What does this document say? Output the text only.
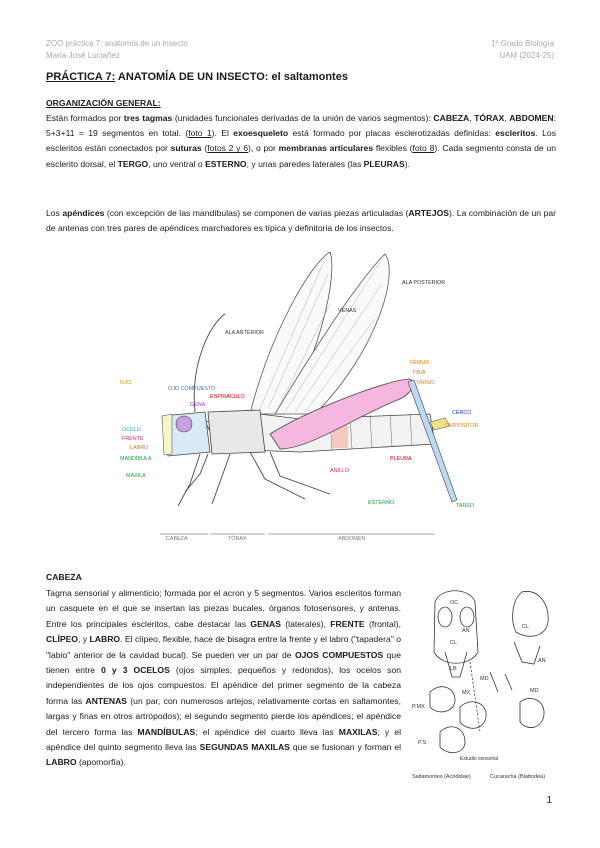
ZOO práctica 7: anatomía de un insecto
María José Luciañez
1º Grado Biología
UAM (2024-25)
PRÁCTICA 7: ANATOMÍA DE UN INSECTO: el saltamontes
ORGANIZACIÓN GENERAL:
Están formados por tres tagmas (unidades funcionales derivadas de la unión de varios segmentos): CABEZA, TÓRAX, ABDOMEN: 5+3+11 = 19 segmentos en total. (foto 1). El exoesqueleto está formado por placas esclerotizadas definidas: escleritos. Los escleritos están conectados por suturas (fotos 2 y 6), o por membranas articulares flexibles (foto 8). Cada segmento consta de un esclerito dorsal, el TERGO, uno ventral o ESTERNO, y unas paredes laterales (las PLEURAS).
Los apéndices (con excepción de las mandíbulas) se componen de varias piezas articuladas (ARTEJOS). La combinación de un par de antenas con tres pares de apéndices marchadores es típica y definitoria de los insectos.
ALA POSTERIOR
ALA ANTERIOR
VENAS
OJO
OJO COMPUESTO
GENA
ESPIRÁCULO
OCELO
FRENTE
LABRO
MANDÍBULA
MAXILA
FÉMUR
TIBIA
TARSO
CERCO
OVIPOSITOR
PLEURA
ANILLO
ESTERNO	TARSO
CABEZA	TÓRAX	ABDOMEN
CABEZA
Tagma sensorial y alimenticio; formada por el acron y 5 segmentos. Varios escleritos forman un casquete en el que se insertan las piezas bucales, órganos fotosensores, y antenas. Entre los principales escleritos, cabe destacar las GENAS (laterales), FRENTE (frontal), CLÍPEO, y LABRO. El clípeo, flexible, hace de bisagra entre la frente y el labro ("tapadera" o "labio" anterior de la cavidad bucal). Se pueden ver un par de OJOS COMPUESTOS que tienen entre 0 y 3 OCELOS (ojos simples, pequeños y redondos), los ocelos son independientes de los ojos compuestos. El apéndice del primer segmento de la cabeza forma las ANTENAS (un par, con numerosos artejos, relativamente cortas en saltamontes, largas y finas en otros artrópodos); el segundo segmento pierde los apéndices; el apéndice del tercero forma las MANDÍBULAS; el apéndice del cuarto lleva las MAXILAS; y el apéndice del quinto segmento lleva las SEGUNDAS MAXILAS que se fusionan y forman el LABRO (apomorfía).
AN
OC
CL
LB
MD
MX
P.MX
P.S
Estudio sensorial
AN
CL
MD
Saltamontes (Acrididae)	Cucaracha (Blattodea)
1
